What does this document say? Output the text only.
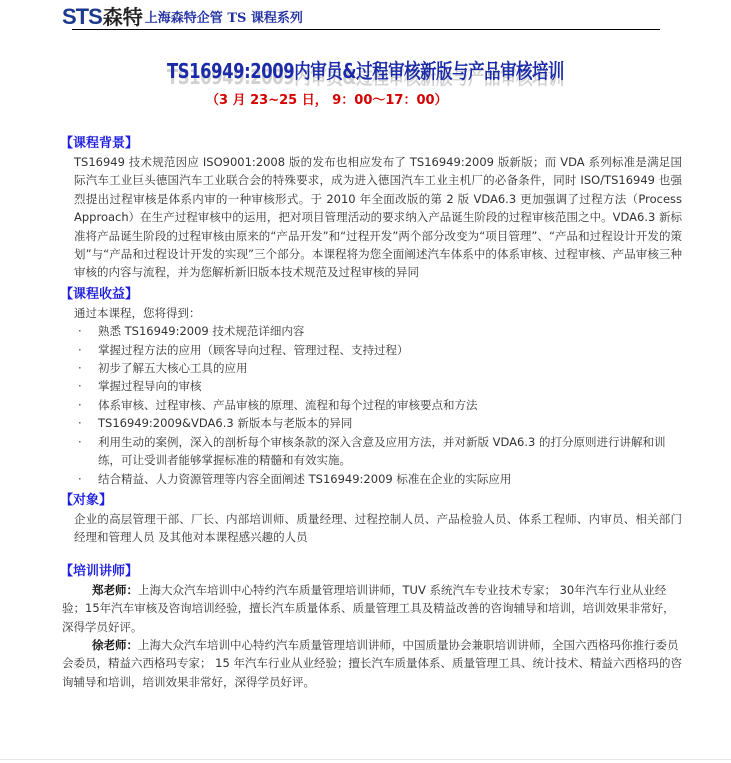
STS 森特 上海森特企管 TS 课程系列
TS16949:2009内审员&过程审核新版与产品审核培训
（3 月 23~25 日， 9：00～17：00）
【课程背景】
TS16949 技术规范因应 ISO9001:2008 版的发布也相应发布了 TS16949:2009 版新版；而 VDA 系列标准是满足国际汽车工业巨头德国汽车工业联合会的特殊要求，成为进入德国汽车工业主机厂的必备条件，同时 ISO/TS16949 也强烈提出过程审核是体系内审的一种审核形式。于 2010 年全面改版的第 2 版 VDA6.3 更加强调了过程方法（Process Approach）在生产过程审核中的运用，把对项目管理活动的要求纳入产品诞生阶段的过程审核范围之中。VDA6.3 新标准将产品诞生阶段的过程审核由原来的“产品开发”和“过程开发”两个部分改变为“项目管理”、“产品和过程设计开发的策划”与“产品和过程设计开发的实现”三个部分。本课程将为您全面阐述汽车体系中的体系审核、过程审核、产品审核三种审核的内容与流程，并为您解析新旧版本技术规范及过程审核的异同
【课程收益】
通过本课程，您将得到：
· 熟悉 TS16949:2009 技术规范详细内容
· 掌握过程方法的应用（顾客导向过程、管理过程、支持过程）
· 初步了解五大核心工具的应用
· 掌握过程导向的审核
· 体系审核、过程审核、产品审核的原理、流程和每个过程的审核要点和方法
· TS16949:2009&VDA6.3 新版本与老版本的异同
· 利用生动的案例，深入的剖析每个审核条款的深入含意及应用方法，并对新版 VDA6.3 的打分原则进行讲解和训练，可让受训者能够掌握标准的精髓和有效实施。
· 结合精益、人力资源管理等内容全面阐述 TS16949:2009 标准在企业的实际应用
【对象】
企业的高层管理干部、厂长、内部培训师、质量经理、过程控制人员、产品检验人员、体系工程师、内审员、相关部门经理和管理人员 及其他对本课程感兴趣的人员
【培训讲师】
郑老师：上海大众汽车培训中心特约汽车质量管理培训讲师，TUV 系统汽车专业技术专家； 30年汽车行业从业经验；15年汽车审核及咨询培训经验，擅长汽车质量体系、质量管理工具及精益改善的咨询辅导和培训，培训效果非常好，深得学员好评。
徐老师：上海大众汽车培训中心特约汽车质量管理培训讲师，中国质量协会兼职培训讲师，全国六西格玛你推行委员会委员，精益六西格玛专家； 15 年汽车行业从业经验；擅长汽车质量体系、质量管理工具、统计技术、精益六西格玛的咨询辅导和培训，培训效果非常好，深得学员好评。
